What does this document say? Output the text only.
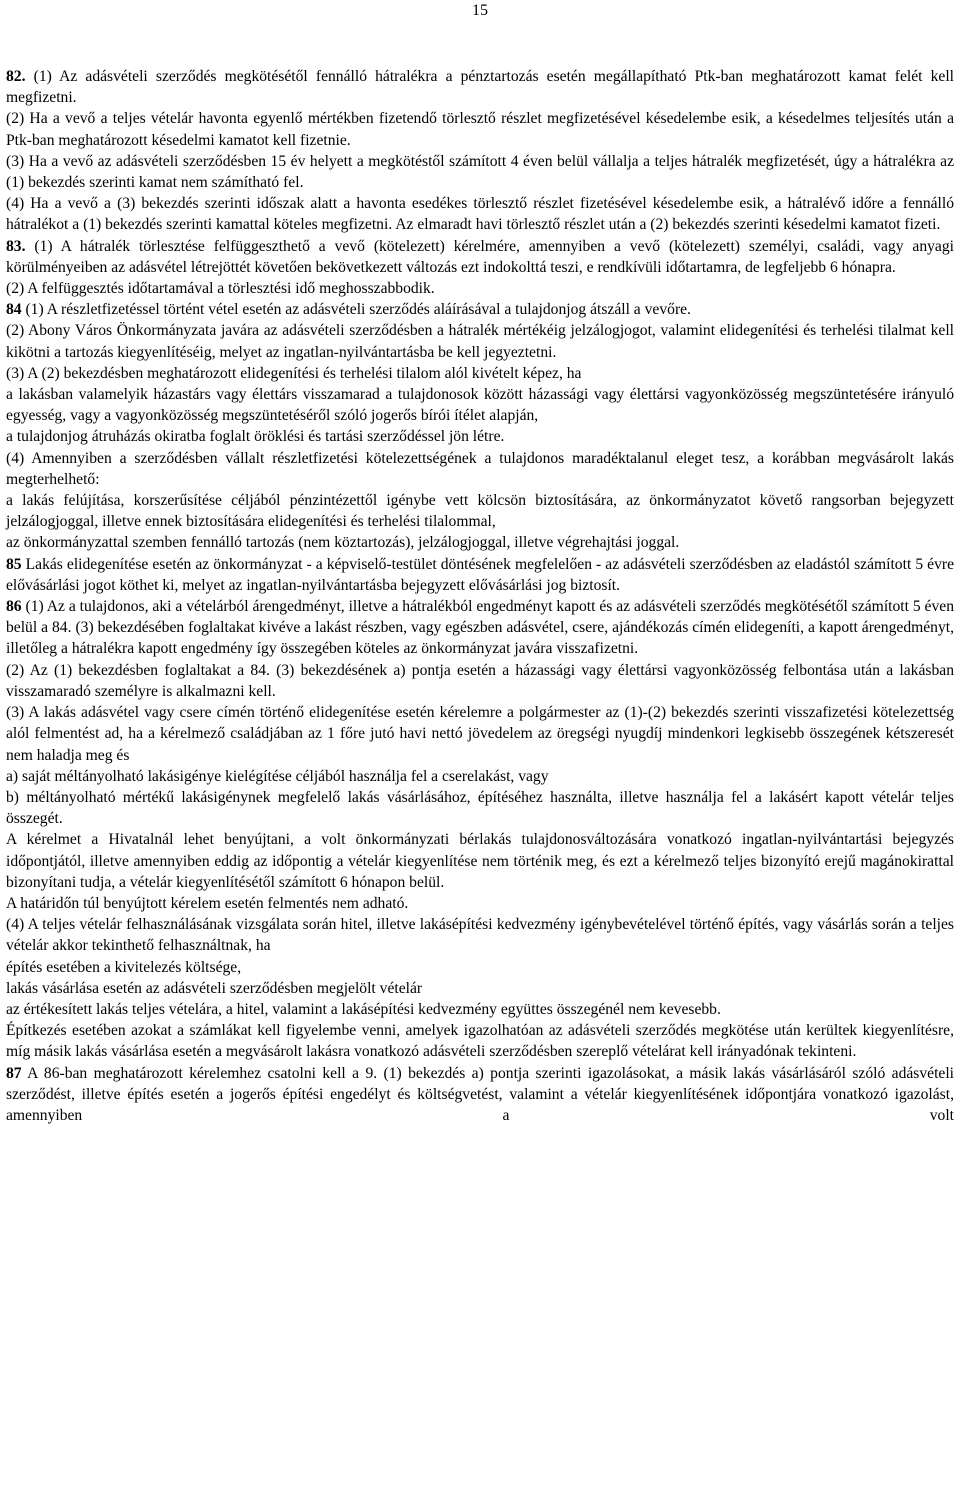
15

82. (1) Az adásvételi szerződés megkötésétől fennálló hátralékra a pénztartozás esetén megállapítható Ptk-ban meghatározott kamat felét kell megfizetni.

(2) Ha a vevő a teljes vételár havonta egyenlő mértékben fizetendő törlesztő részlet megfizetésével késedelembe esik, a késedelmes teljesítés után a Ptk-ban meghatározott késedelmi kamatot kell fizetnie.

(3) Ha a vevő az adásvételi szerződésben 15 év helyett a megkötéstől számított 4 éven belül vállalja a teljes hátralék megfizetését, úgy a hátralékra az (1) bekezdés szerinti kamat nem számítható fel.

(4) Ha a vevő a (3) bekezdés szerinti időszak alatt a havonta esedékes törlesztő részlet fizetésével késedelembe esik, a hátralévő időre a fennálló hátralékot a (1) bekezdés szerinti kamattal köteles megfizetni. Az elmaradt havi törlesztő részlet után a (2) bekezdés szerinti késedelmi kamatot fizeti.

83. (1) A hátralék törlesztése felfüggeszthető a vevő (kötelezett) kérelmére, amennyiben a vevő (kötelezett) személyi, családi, vagy anyagi körülményeiben az adásvétel létrejöttét követően bekövetkezett változás ezt indokolttá teszi, e rendkívüli időtartamra, de legfeljebb 6 hónapra.

(2) A felfüggesztés időtartamával a törlesztési idő meghosszabbodik.

84 (1) A részletfizetéssel történt vétel esetén az adásvételi szerződés aláírásával a tulajdonjog átszáll a vevőre.

(2) Abony Város Önkormányzata javára az adásvételi szerződésben a hátralék mértékéig jelzálogjogot, valamint elidegenítési és terhelési tilalmat kell kikötni a tartozás kiegyenlítéséig, melyet az ingatlan-nyilvántartásba be kell jegyeztetni.

(3) A (2) bekezdésben meghatározott elidegenítési és terhelési tilalom alól kivételt képez, ha

a lakásban valamelyik házastárs vagy élettárs visszamarad a tulajdonosok között házassági vagy élettársi vagyonközösség megszüntetésére irányuló egyesség, vagy a vagyonközösség megszüntetéséről szóló jogerős bírói ítélet alapján,

a tulajdonjog átruházás okiratba foglalt öröklési és tartási szerződéssel jön létre.

(4) Amennyiben a szerződésben vállalt részletfizetési kötelezettségének a tulajdonos maradéktalanul eleget tesz, a korábban megvásárolt lakás megterhelhető:

a lakás felújítása, korszerűsítése céljából pénzintézettől igénybe vett kölcsön biztosítására, az önkormányzatot követő rangsorban bejegyzett jelzálogjoggal, illetve ennek biztosítására elidegenítési és terhelési tilalommal,

az önkormányzattal szemben fennálló tartozás (nem köztartozás), jelzálogjoggal, illetve végrehajtási joggal.

85 Lakás elidegenítése esetén az önkormányzat - a képviselő-testület döntésének megfelelően - az adásvételi szerződésben az eladástól számított 5 évre elővásárlási jogot köthet ki, melyet az ingatlan-nyilvántartásba bejegyzett elővásárlási jog biztosít.

86 (1) Az a tulajdonos, aki a vételárból árengedményt, illetve a hátralékból engedményt kapott és az adásvételi szerződés megkötésétől számított 5 éven belül a 84. (3) bekezdésében foglaltakat kivéve a lakást részben, vagy egészben adásvétel, csere, ajándékozás címén elidegeníti, a kapott árengedményt, illetőleg a hátralékra kapott engedmény így összegében köteles az önkormányzat javára visszafizetni.

(2) Az (1) bekezdésben foglaltakat a 84. (3) bekezdésének a) pontja esetén a házassági vagy élettársi vagyonközösség felbontása után a lakásban visszamaradó személyre is alkalmazni kell.

(3) A lakás adásvétel vagy csere címén történő elidegenítése esetén kérelemre a polgármester az (1)-(2) bekezdés szerinti visszafizetési kötelezettség alól felmentést ad, ha a kérelmező családjában az 1 főre jutó havi nettó jövedelem az öregségi nyugdíj mindenkori legkisebb összegének kétszeresét nem haladja meg és

a) saját méltányolható lakásigénye kielégítése céljából használja fel a cserelakást, vagy

b) méltányolható mértékű lakásigénynek megfelelő lakás vásárlásához, építéséhez használta, illetve használja fel a lakásért kapott vételár teljes összegét.

A kérelmet a Hivatalnál lehet benyújtani, a volt önkormányzati bérlakás tulajdonosváltozására vonatkozó ingatlan-nyilvántartási bejegyzés időpontjától, illetve amennyiben eddig az időpontig a vételár kiegyenlítése nem történik meg, és ezt a kérelmező teljes bizonyító erejű magánokirattal bizonyítani tudja, a vételár kiegyenlítésétől számított 6 hónapon belül.

A határidőn túl benyújtott kérelem esetén felmentés nem adható.

(4) A teljes vételár felhasználásának vizsgálata során hitel, illetve lakásépítési kedvezmény igénybevételével történő építés, vagy vásárlás során a teljes vételár akkor tekinthető felhasználtnak, ha

építés esetében a kivitelezés költsége,

lakás vásárlása esetén az adásvételi szerződésben megjelölt vételár

az értékesített lakás teljes vételára, a hitel, valamint a lakásépítési kedvezmény együttes összegénél nem kevesebb.

Építkezés esetében azokat a számlákat kell figyelembe venni, amelyek igazolhatóan az adásvételi szerződés megkötése után kerültek kiegyenlítésre, míg másik lakás vásárlása esetén a megvásárolt lakásra vonatkozó adásvételi szerződésben szereplő vételárat kell irányadónak tekinteni.

87 A 86-ban meghatározott kérelemhez csatolni kell a 9. (1) bekezdés a) pontja szerinti igazolásokat, a másik lakás vásárlásáról szóló adásvételi szerződést, illetve építés esetén a jogerős építési engedélyt és költségvetést, valamint a vételár kiegyenlítésének időpontjára vonatkozó igazolást, amennyiben a volt
